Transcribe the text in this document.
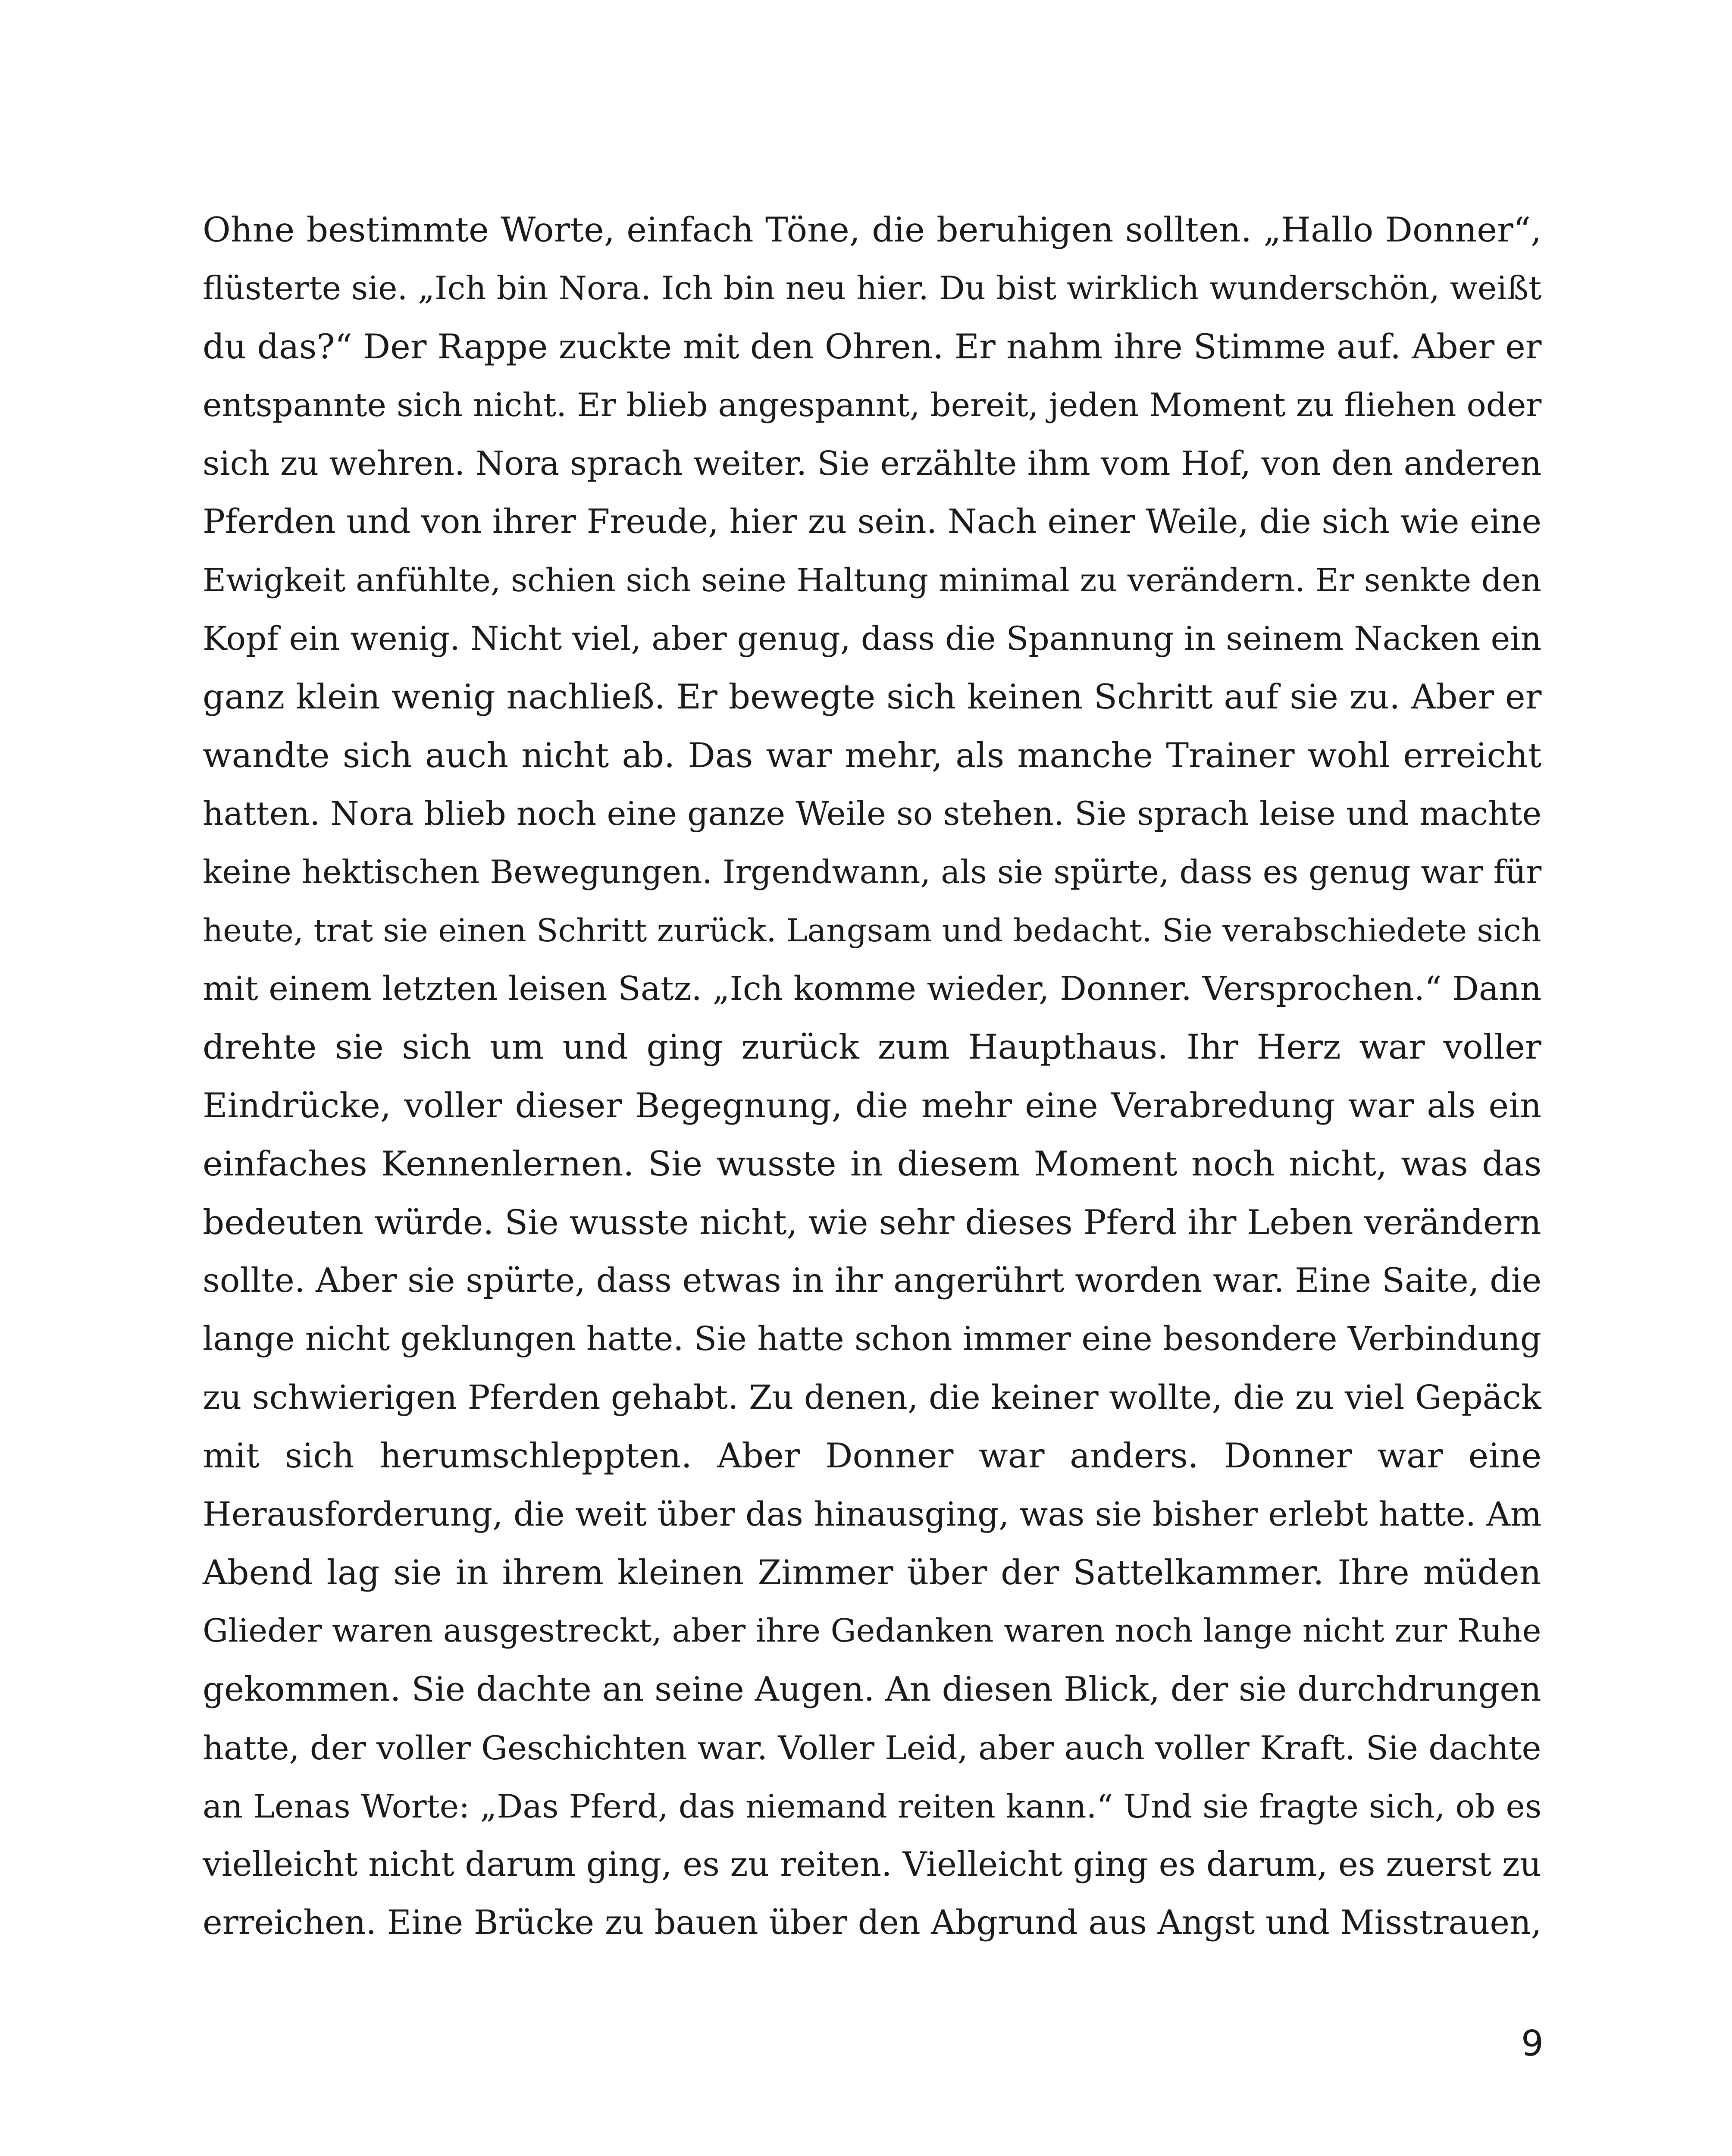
Ohne bestimmte Worte, einfach Töne, die beruhigen sollten. „Hallo Donner“,
flüsterte sie. „Ich bin Nora. Ich bin neu hier. Du bist wirklich wunderschön, weißt
du das?“ Der Rappe zuckte mit den Ohren. Er nahm ihre Stimme auf. Aber er
entspannte sich nicht. Er blieb angespannt, bereit, jeden Moment zu fliehen oder
sich zu wehren. Nora sprach weiter. Sie erzählte ihm vom Hof, von den anderen
Pferden und von ihrer Freude, hier zu sein. Nach einer Weile, die sich wie eine
Ewigkeit anfühlte, schien sich seine Haltung minimal zu verändern. Er senkte den
Kopf ein wenig. Nicht viel, aber genug, dass die Spannung in seinem Nacken ein
ganz klein wenig nachließ. Er bewegte sich keinen Schritt auf sie zu. Aber er
wandte sich auch nicht ab. Das war mehr, als manche Trainer wohl erreicht
hatten. Nora blieb noch eine ganze Weile so stehen. Sie sprach leise und machte
keine hektischen Bewegungen. Irgendwann, als sie spürte, dass es genug war für
heute, trat sie einen Schritt zurück. Langsam und bedacht. Sie verabschiedete sich
mit einem letzten leisen Satz. „Ich komme wieder, Donner. Versprochen.“ Dann
drehte sie sich um und ging zurück zum Haupthaus. Ihr Herz war voller
Eindrücke, voller dieser Begegnung, die mehr eine Verabredung war als ein
einfaches Kennenlernen. Sie wusste in diesem Moment noch nicht, was das
bedeuten würde. Sie wusste nicht, wie sehr dieses Pferd ihr Leben verändern
sollte. Aber sie spürte, dass etwas in ihr angerührt worden war. Eine Saite, die
lange nicht geklungen hatte. Sie hatte schon immer eine besondere Verbindung
zu schwierigen Pferden gehabt. Zu denen, die keiner wollte, die zu viel Gepäck
mit sich herumschleppten. Aber Donner war anders. Donner war eine
Herausforderung, die weit über das hinausging, was sie bisher erlebt hatte. Am
Abend lag sie in ihrem kleinen Zimmer über der Sattelkammer. Ihre müden
Glieder waren ausgestreckt, aber ihre Gedanken waren noch lange nicht zur Ruhe
gekommen. Sie dachte an seine Augen. An diesen Blick, der sie durchdrungen
hatte, der voller Geschichten war. Voller Leid, aber auch voller Kraft. Sie dachte
an Lenas Worte: „Das Pferd, das niemand reiten kann.“ Und sie fragte sich, ob es
vielleicht nicht darum ging, es zu reiten. Vielleicht ging es darum, es zuerst zu
erreichen. Eine Brücke zu bauen über den Abgrund aus Angst und Misstrauen,
9
